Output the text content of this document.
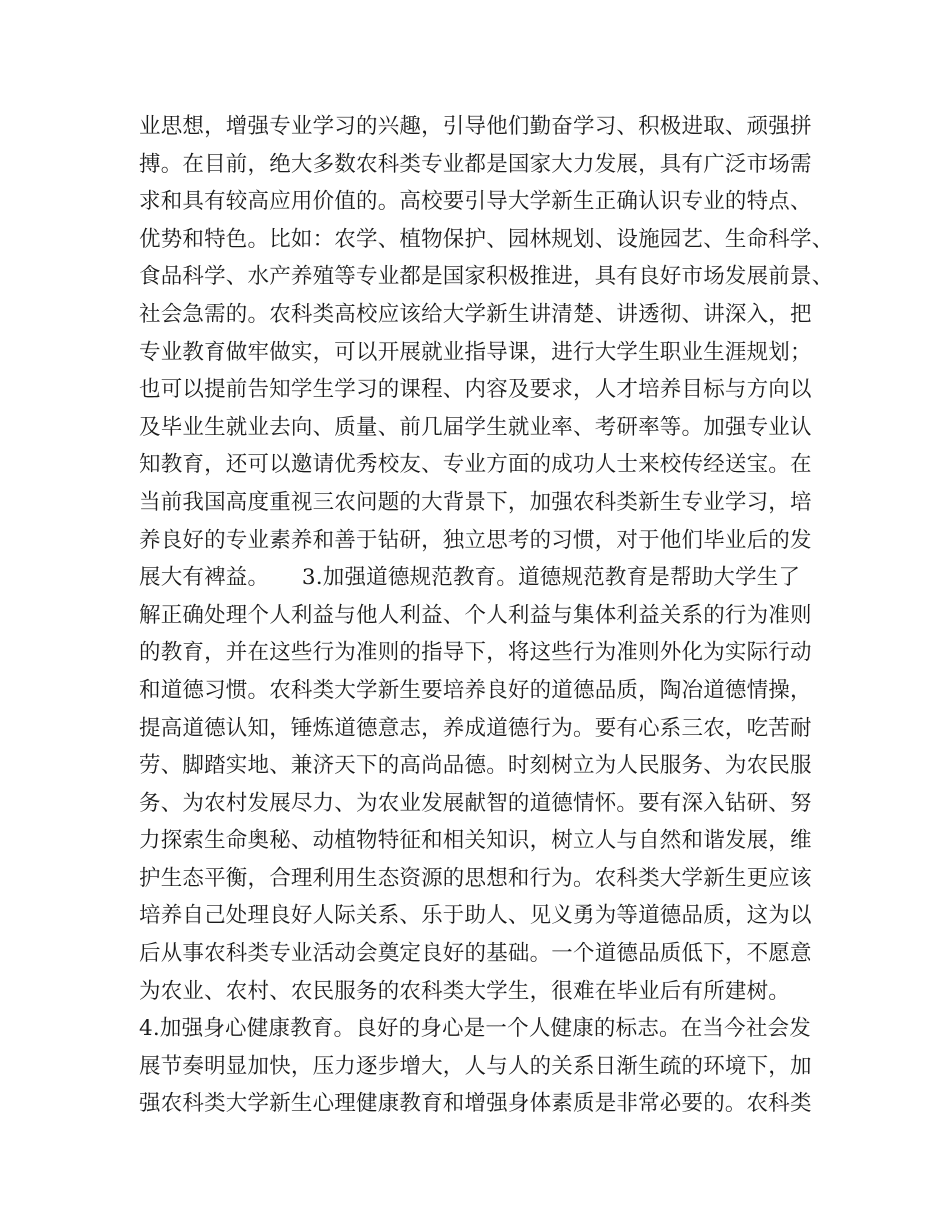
业思想，增强专业学习的兴趣，引导他们勤奋学习、积极进取、顽强拼
搏。在目前，绝大多数农科类专业都是国家大力发展，具有广泛市场需
求和具有较高应用价值的。高校要引导大学新生正确认识专业的特点、
优势和特色。比如：农学、植物保护、园林规划、设施园艺、生命科学、
食品科学、水产养殖等专业都是国家积极推进，具有良好市场发展前景、
社会急需的。农科类高校应该给大学新生讲清楚、讲透彻、讲深入，把
专业教育做牢做实，可以开展就业指导课，进行大学生职业生涯规划；
也可以提前告知学生学习的课程、内容及要求，人才培养目标与方向以
及毕业生就业去向、质量、前几届学生就业率、考研率等。加强专业认
知教育，还可以邀请优秀校友、专业方面的成功人士来校传经送宝。在
当前我国高度重视三农问题的大背景下，加强农科类新生专业学习，培
养良好的专业素养和善于钻研，独立思考的习惯，对于他们毕业后的发
展大有裨益。　　3.加强道德规范教育。道德规范教育是帮助大学生了
解正确处理个人利益与他人利益、个人利益与集体利益关系的行为准则
的教育，并在这些行为准则的指导下，将这些行为准则外化为实际行动
和道德习惯。农科类大学新生要培养良好的道德品质，陶冶道德情操，
提高道德认知，锤炼道德意志，养成道德行为。要有心系三农，吃苦耐
劳、脚踏实地、兼济天下的高尚品德。时刻树立为人民服务、为农民服
务、为农村发展尽力、为农业发展献智的道德情怀。要有深入钻研、努
力探索生命奥秘、动植物特征和相关知识，树立人与自然和谐发展，维
护生态平衡，合理利用生态资源的思想和行为。农科类大学新生更应该
培养自己处理良好人际关系、乐于助人、见义勇为等道德品质，这为以
后从事农科类专业活动会奠定良好的基础。一个道德品质低下，不愿意
为农业、农村、农民服务的农科类大学生，很难在毕业后有所建树。
4.加强身心健康教育。良好的身心是一个人健康的标志。在当今社会发
展节奏明显加快，压力逐步增大，人与人的关系日渐生疏的环境下，加
强农科类大学新生心理健康教育和增强身体素质是非常必要的。农科类
